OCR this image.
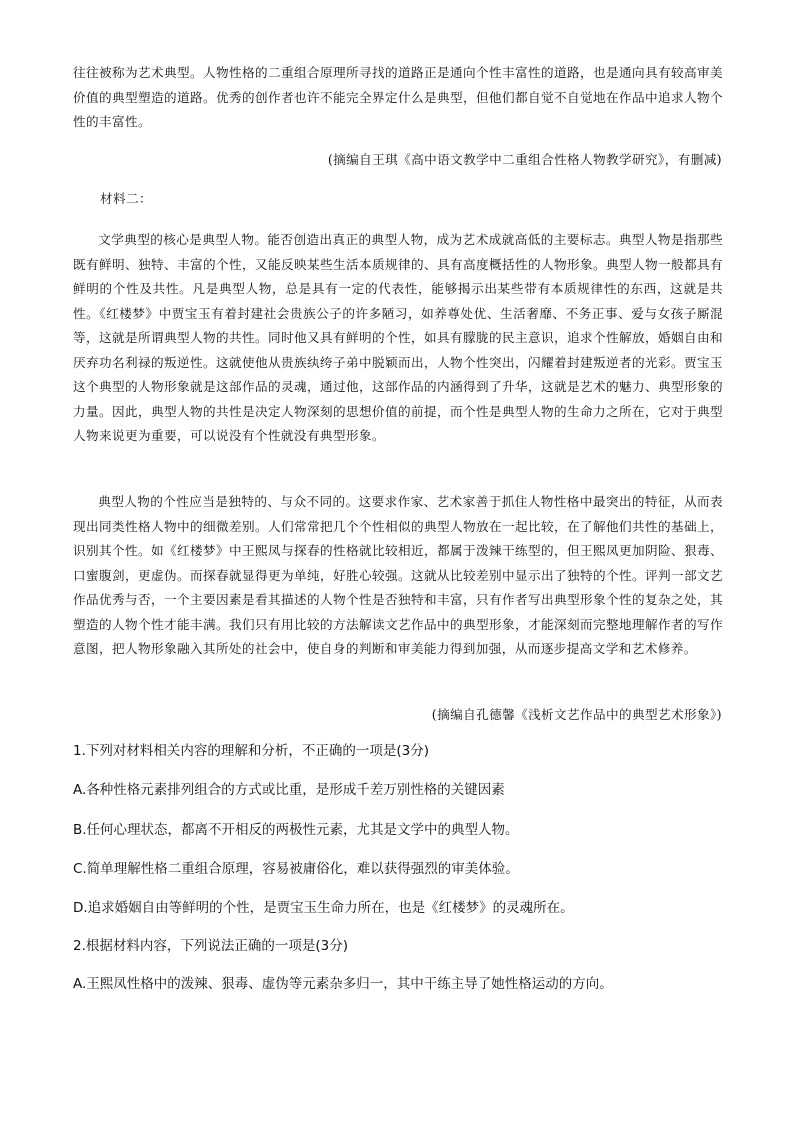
往往被称为艺术典型。人物性格的二重组合原理所寻找的道路正是通向个性丰富性的道路，也是通向具有较高审美价值的典型塑造的道路。优秀的创作者也许不能完全界定什么是典型，但他们都自觉不自觉地在作品中追求人物个性的丰富性。

(摘编自王琪《高中语文教学中二重组合性格人物教学研究》，有删减)

材料二：

文学典型的核心是典型人物。能否创造出真正的典型人物，成为艺术成就高低的主要标志。典型人物是指那些既有鲜明、独特、丰富的个性，又能反映某些生活本质规律的、具有高度概括性的人物形象。典型人物一般都具有鲜明的个性及共性。凡是典型人物，总是具有一定的代表性，能够揭示出某些带有本质规律性的东西，这就是共性。《红楼梦》中贾宝玉有着封建社会贵族公子的许多陋习，如养尊处优、生活奢靡、不务正事、爱与女孩子厮混等，这就是所谓典型人物的共性。同时他又具有鲜明的个性，如具有朦胧的民主意识，追求个性解放，婚姻自由和厌弃功名利禄的叛逆性。这就使他从贵族纨绔子弟中脱颖而出，人物个性突出，闪耀着封建叛逆者的光彩。贾宝玉这个典型的人物形象就是这部作品的灵魂，通过他，这部作品的内涵得到了升华，这就是艺术的魅力、典型形象的力量。因此，典型人物的共性是决定人物深刻的思想价值的前提，而个性是典型人物的生命力之所在，它对于典型人物来说更为重要，可以说没有个性就没有典型形象。

典型人物的个性应当是独特的、与众不同的。这要求作家、艺术家善于抓住人物性格中最突出的特征，从而表现出同类性格人物中的细微差别。人们常常把几个个性相似的典型人物放在一起比较，在了解他们共性的基础上，识别其个性。如《红楼梦》中王熙凤与探春的性格就比较相近，都属于泼辣干练型的，但王熙凤更加阴险、狠毒、口蜜腹剑，更虚伪。而探春就显得更为单纯，好胜心较强。这就从比较差别中显示出了独特的个性。评判一部文艺作品优秀与否，一个主要因素是看其描述的人物个性是否独特和丰富，只有作者写出典型形象个性的复杂之处，其塑造的人物个性才能丰满。我们只有用比较的方法解读文艺作品中的典型形象，才能深刻而完整地理解作者的写作意图，把人物形象融入其所处的社会中，使自身的判断和审美能力得到加强，从而逐步提高文学和艺术修养。

(摘编自孔德馨《浅析文艺作品中的典型艺术形象》)

1.下列对材料相关内容的理解和分析，不正确的一项是(3分)

A.各种性格元素排列组合的方式或比重，是形成千差万别性格的关键因素

B.任何心理状态，都离不开相反的两极性元素，尤其是文学中的典型人物。

C.简单理解性格二重组合原理，容易被庸俗化，难以获得强烈的审美体验。

D.追求婚姻自由等鲜明的个性，是贾宝玉生命力所在，也是《红楼梦》的灵魂所在。

2.根据材料内容，下列说法正确的一项是(3分)

A.王熙凤性格中的泼辣、狠毒、虚伪等元素杂多归一，其中干练主导了她性格运动的方向。
